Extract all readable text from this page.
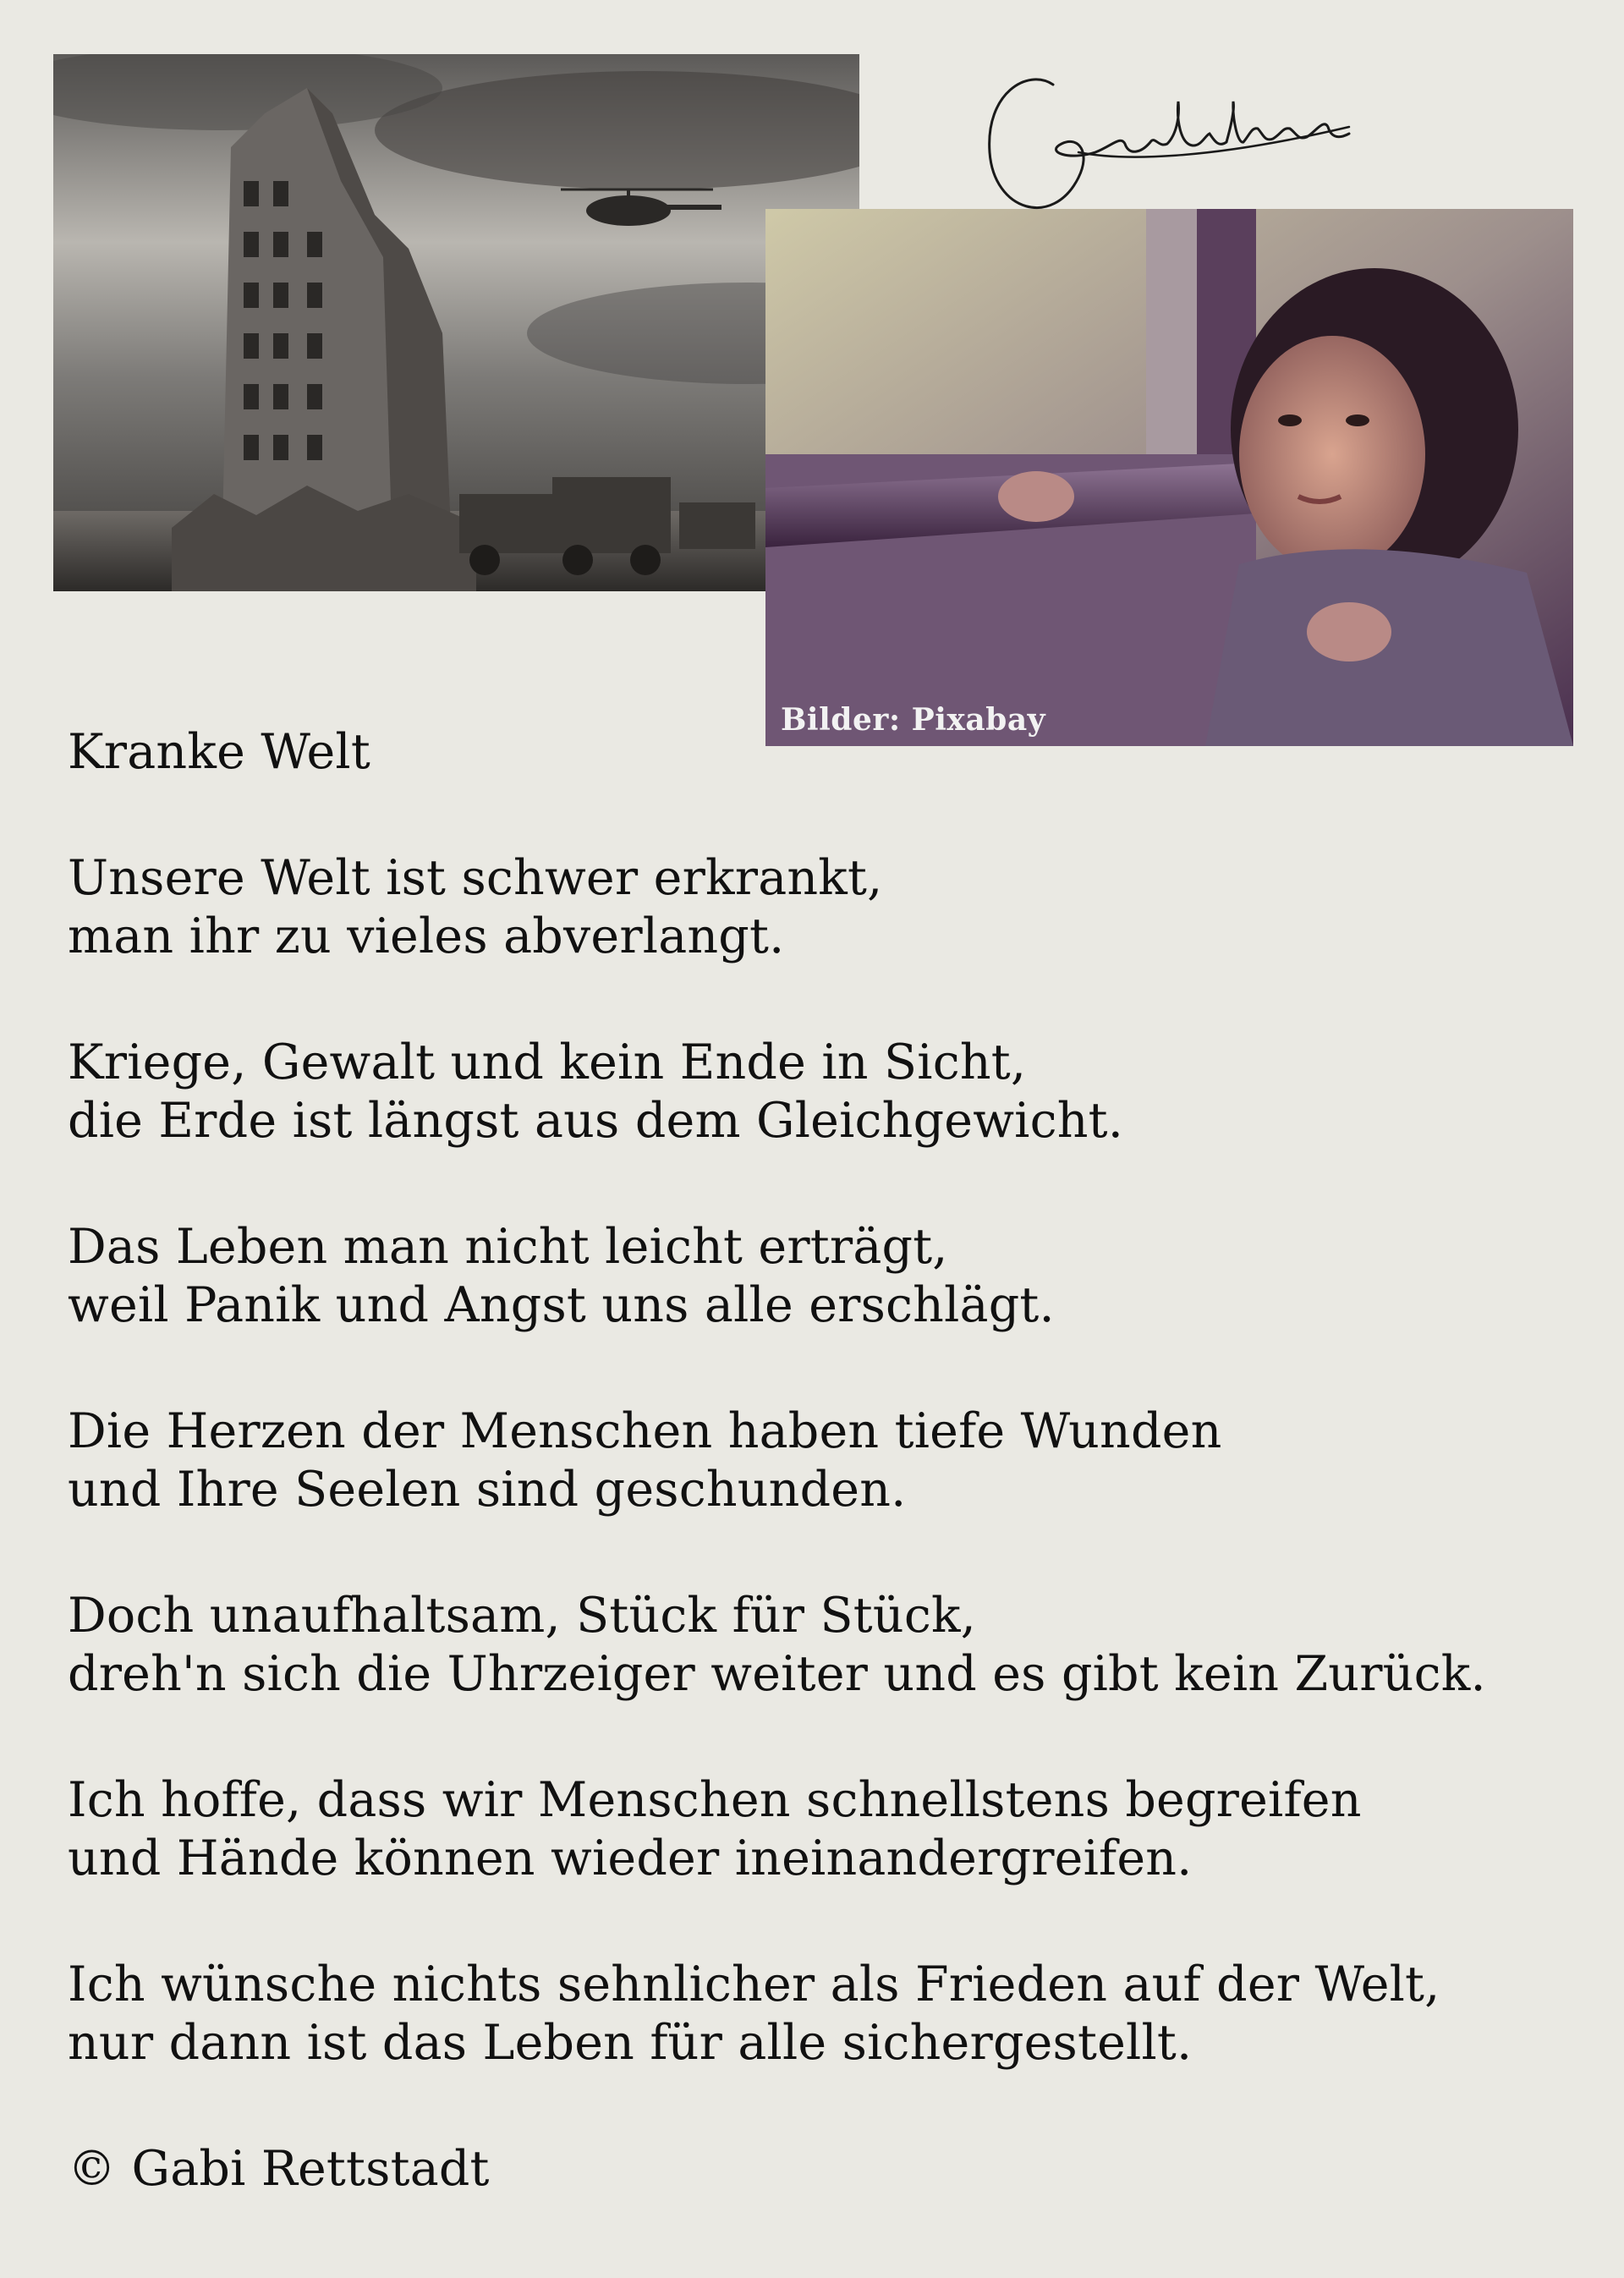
Bilder: Pixabay
Kranke Welt
Unsere Welt ist schwer erkrankt,
man ihr zu vieles abverlangt.
Kriege, Gewalt und kein Ende in Sicht,
die Erde ist längst aus dem Gleichgewicht.
Das Leben man nicht leicht erträgt,
weil Panik und Angst uns alle erschlägt.
Die Herzen der Menschen haben tiefe Wunden
und Ihre Seelen sind geschunden.
Doch unaufhaltsam, Stück für Stück,
dreh'n sich die Uhrzeiger weiter und es gibt kein Zurück.
Ich hoffe, dass wir Menschen schnellstens begreifen
und Hände können wieder ineinandergreifen.
Ich wünsche nichts sehnlicher als Frieden auf der Welt,
nur dann ist das Leben für alle sichergestellt.
© Gabi Rettstadt
